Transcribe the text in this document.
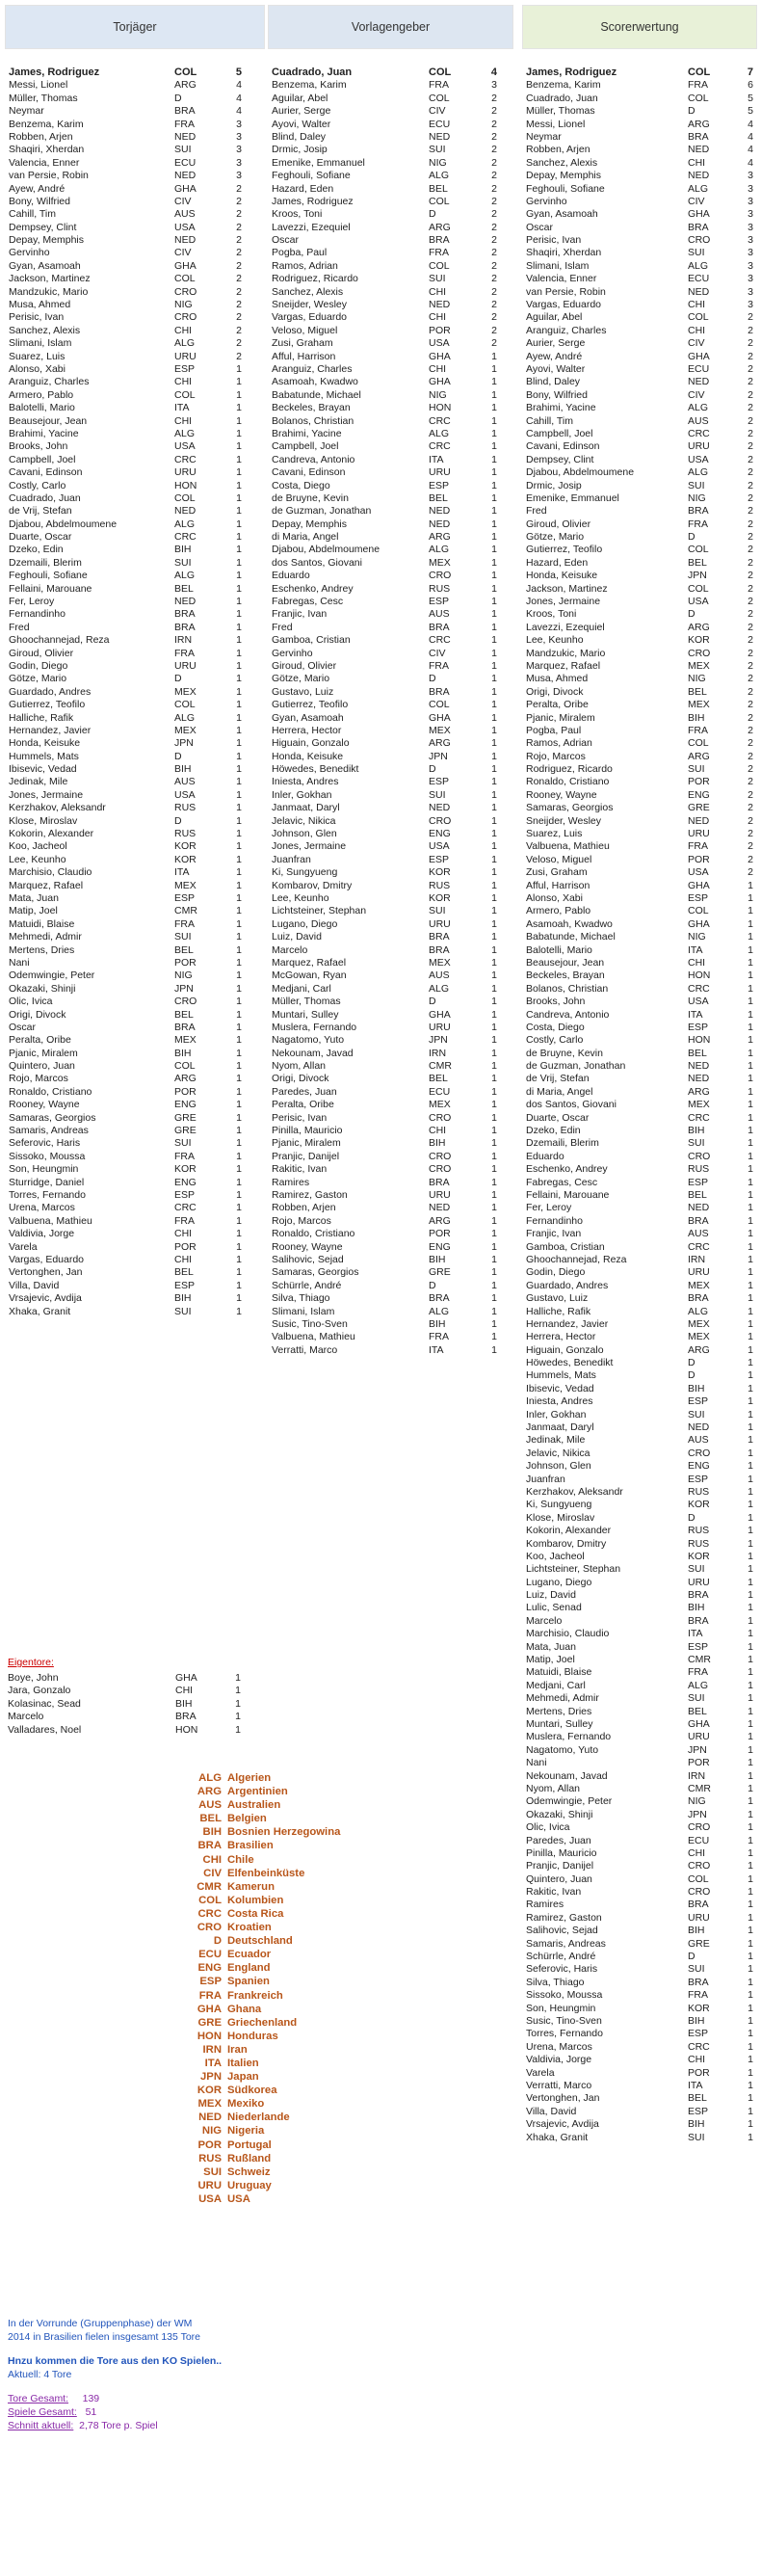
Torjäger
James, Rodriguez	COL	5
Messi, Lionel	ARG	4
Müller, Thomas	D	4
Neymar	BRA	4
Benzema, Karim	FRA	3
Robben, Arjen	NED	3
Shaqiri, Xherdan	SUI	3
Valencia, Enner	ECU	3
van Persie, Robin	NED	3
Ayew, André	GHA	2
Bony, Wilfried	CIV	2
Cahill, Tim	AUS	2
Dempsey, Clint	USA	2
Depay, Memphis	NED	2
Gervinho	CIV	2
Gyan, Asamoah	GHA	2
Jackson, Martinez	COL	2
Mandzukic, Mario	CRO	2
Musa, Ahmed	NIG	2
Perisic, Ivan	CRO	2
Sanchez, Alexis	CHI	2
Slimani, Islam	ALG	2
Suarez, Luis	URU	2
Alonso, Xabi	ESP	1
Aranguiz, Charles	CHI	1
Armero, Pablo	COL	1
Balotelli, Mario	ITA	1
Beausejour, Jean	CHI	1
Brahimi, Yacine	ALG	1
Brooks, John	USA	1
Campbell, Joel	CRC	1
Cavani, Edinson	URU	1
Costly, Carlo	HON	1
Cuadrado, Juan	COL	1
de Vrij, Stefan	NED	1
Djabou, Abdelmoumene	ALG	1
Duarte, Oscar	CRC	1
Dzeko, Edin	BIH	1
Dzemaili, Blerim	SUI	1
Feghouli, Sofiane	ALG	1
Fellaini, Marouane	BEL	1
Fer, Leroy	NED	1
Fernandinho	BRA	1
Fred	BRA	1
Ghoochannejad, Reza	IRN	1
Giroud, Olivier	FRA	1
Godin, Diego	URU	1
Götze, Mario	D	1
Guardado, Andres	MEX	1
Gutierrez, Teofilo	COL	1
Halliche, Rafik	ALG	1
Hernandez, Javier	MEX	1
Honda, Keisuke	JPN	1
Hummels, Mats	D	1
Ibisevic, Vedad	BIH	1
Jedinak, Mile	AUS	1
Jones, Jermaine	USA	1
Kerzhakov, Aleksandr	RUS	1
Klose, Miroslav	D	1
Kokorin, Alexander	RUS	1
Koo, Jacheol	KOR	1
Lee, Keunho	KOR	1
Marchisio, Claudio	ITA	1
Marquez, Rafael	MEX	1
Mata, Juan	ESP	1
Matip, Joel	CMR	1
Matuidi, Blaise	FRA	1
Mehmedi, Admir	SUI	1
Mertens, Dries	BEL	1
Nani	POR	1
Odemwingie, Peter	NIG	1
Okazaki, Shinji	JPN	1
Olic, Ivica	CRO	1
Origi, Divock	BEL	1
Oscar	BRA	1
Peralta, Oribe	MEX	1
Pjanic, Miralem	BIH	1
Quintero, Juan	COL	1
Rojo, Marcos	ARG	1
Ronaldo, Cristiano	POR	1
Rooney, Wayne	ENG	1
Samaras, Georgios	GRE	1
Samaris, Andreas	GRE	1
Seferovic, Haris	SUI	1
Sissoko, Moussa	FRA	1
Son, Heungmin	KOR	1
Sturridge, Daniel	ENG	1
Torres, Fernando	ESP	1
Urena, Marcos	CRC	1
Valbuena, Mathieu	FRA	1
Valdivia, Jorge	CHI	1
Varela	POR	1
Vargas, Eduardo	CHI	1
Vertonghen, Jan	BEL	1
Villa, David	ESP	1
Vrsajevic, Avdija	BIH	1
Xhaka, Granit	SUI	1
Vorlagengeber
Cuadrado, Juan	COL	4
Benzema, Karim	FRA	3
Aguilar, Abel	COL	2
Aurier, Serge	CIV	2
Ayovi, Walter	ECU	2
Blind, Daley	NED	2
Drmic, Josip	SUI	2
Emenike, Emmanuel	NIG	2
Feghouli, Sofiane	ALG	2
Hazard, Eden	BEL	2
James, Rodriguez	COL	2
Kroos, Toni	D	2
Lavezzi, Ezequiel	ARG	2
Oscar	BRA	2
Pogba, Paul	FRA	2
Ramos, Adrian	COL	2
Rodriguez, Ricardo	SUI	2
Sanchez, Alexis	CHI	2
Sneijder, Wesley	NED	2
Vargas, Eduardo	CHI	2
Veloso, Miguel	POR	2
Zusi, Graham	USA	2
Afful, Harrison	GHA	1
Aranguiz, Charles	CHI	1
Asamoah, Kwadwo	GHA	1
Babatunde, Michael	NIG	1
Beckeles, Brayan	HON	1
Bolanos, Christian	CRC	1
Brahimi, Yacine	ALG	1
Campbell, Joel	CRC	1
Candreva, Antonio	ITA	1
Cavani, Edinson	URU	1
Costa, Diego	ESP	1
de Bruyne, Kevin	BEL	1
de Guzman, Jonathan	NED	1
Depay, Memphis	NED	1
di Maria, Angel	ARG	1
Djabou, Abdelmoumene	ALG	1
dos Santos, Giovani	MEX	1
Eduardo	CRO	1
Eschenko, Andrey	RUS	1
Fabregas, Cesc	ESP	1
Franjic, Ivan	AUS	1
Fred	BRA	1
Gamboa, Cristian	CRC	1
Gervinho	CIV	1
Giroud, Olivier	FRA	1
Götze, Mario	D	1
Gustavo, Luiz	BRA	1
Gutierrez, Teofilo	COL	1
Gyan, Asamoah	GHA	1
Herrera, Hector	MEX	1
Higuain, Gonzalo	ARG	1
Honda, Keisuke	JPN	1
Höwedes, Benedikt	D	1
Iniesta, Andres	ESP	1
Inler, Gokhan	SUI	1
Janmaat, Daryl	NED	1
Jelavic, Nikica	CRO	1
Johnson, Glen	ENG	1
Jones, Jermaine	USA	1
Juanfran	ESP	1
Ki, Sungyueng	KOR	1
Kombarov, Dmitry	RUS	1
Lee, Keunho	KOR	1
Lichtsteiner, Stephan	SUI	1
Lugano, Diego	URU	1
Luiz, David	BRA	1
Marcelo	BRA	1
Marquez, Rafael	MEX	1
McGowan, Ryan	AUS	1
Medjani, Carl	ALG	1
Müller, Thomas	D	1
Muntari, Sulley	GHA	1
Muslera, Fernando	URU	1
Nagatomo, Yuto	JPN	1
Nekounam, Javad	IRN	1
Nyom, Allan	CMR	1
Origi, Divock	BEL	1
Paredes, Juan	ECU	1
Peralta, Oribe	MEX	1
Perisic, Ivan	CRO	1
Pinilla, Mauricio	CHI	1
Pjanic, Miralem	BIH	1
Pranjic, Danijel	CRO	1
Rakitic, Ivan	CRO	1
Ramires	BRA	1
Ramirez, Gaston	URU	1
Robben, Arjen	NED	1
Rojo, Marcos	ARG	1
Ronaldo, Cristiano	POR	1
Rooney, Wayne	ENG	1
Salihovic, Sejad	BIH	1
Samaras, Georgios	GRE	1
Schürrle, André	D	1
Silva, Thiago	BRA	1
Slimani, Islam	ALG	1
Susic, Tino-Sven	BIH	1
Valbuena, Mathieu	FRA	1
Verratti, Marco	ITA	1
Scorerwertung
James, Rodriguez	COL	7
Benzema, Karim	FRA	6
Cuadrado, Juan	COL	5
Müller, Thomas	D	5
Messi, Lionel	ARG	4
Neymar	BRA	4
Robben, Arjen	NED	4
Sanchez, Alexis	CHI	4
Depay, Memphis	NED	3
Feghouli, Sofiane	ALG	3
Gervinho	CIV	3
Gyan, Asamoah	GHA	3
Oscar	BRA	3
Perisic, Ivan	CRO	3
Shaqiri, Xherdan	SUI	3
Slimani, Islam	ALG	3
Valencia, Enner	ECU	3
van Persie, Robin	NED	3
Vargas, Eduardo	CHI	3
Aguilar, Abel	COL	2
Aranguiz, Charles	CHI	2
Aurier, Serge	CIV	2
Ayew, André	GHA	2
Ayovi, Walter	ECU	2
Blind, Daley	NED	2
Bony, Wilfried	CIV	2
Brahimi, Yacine	ALG	2
Cahill, Tim	AUS	2
Campbell, Joel	CRC	2
Cavani, Edinson	URU	2
Dempsey, Clint	USA	2
Djabou, Abdelmoumene	ALG	2
Drmic, Josip	SUI	2
Emenike, Emmanuel	NIG	2
Fred	BRA	2
Giroud, Olivier	FRA	2
Götze, Mario	D	2
Gutierrez, Teofilo	COL	2
Hazard, Eden	BEL	2
Honda, Keisuke	JPN	2
Jackson, Martinez	COL	2
Jones, Jermaine	USA	2
Kroos, Toni	D	2
Lavezzi, Ezequiel	ARG	2
Lee, Keunho	KOR	2
Mandzukic, Mario	CRO	2
Marquez, Rafael	MEX	2
Musa, Ahmed	NIG	2
Origi, Divock	BEL	2
Peralta, Oribe	MEX	2
Pjanic, Miralem	BIH	2
Pogba, Paul	FRA	2
Ramos, Adrian	COL	2
Rojo, Marcos	ARG	2
Rodriguez, Ricardo	SUI	2
Ronaldo, Cristiano	POR	2
Rooney, Wayne	ENG	2
Samaras, Georgios	GRE	2
Sneijder, Wesley	NED	2
Suarez, Luis	URU	2
Valbuena, Mathieu	FRA	2
Veloso, Miguel	POR	2
Zusi, Graham	USA	2
Afful, Harrison	GHA	1
Alonso, Xabi	ESP	1
Armero, Pablo	COL	1
Asamoah, Kwadwo	GHA	1
Babatunde, Michael	NIG	1
Balotelli, Mario	ITA	1
Beausejour, Jean	CHI	1
Beckeles, Brayan	HON	1
Bolanos, Christian	CRC	1
Brooks, John	USA	1
Candreva, Antonio	ITA	1
Costa, Diego	ESP	1
Costly, Carlo	HON	1
de Bruyne, Kevin	BEL	1
de Guzman, Jonathan	NED	1
de Vrij, Stefan	NED	1
di Maria, Angel	ARG	1
dos Santos, Giovani	MEX	1
Duarte, Oscar	CRC	1
Dzeko, Edin	BIH	1
Dzemaili, Blerim	SUI	1
Eduardo	CRO	1
Eschenko, Andrey	RUS	1
Fabregas, Cesc	ESP	1
Fellaini, Marouane	BEL	1
Fer, Leroy	NED	1
Fernandinho	BRA	1
Franjic, Ivan	AUS	1
Gamboa, Cristian	CRC	1
Ghoochannejad, Reza	IRN	1
Godin, Diego	URU	1
Guardado, Andres	MEX	1
Gustavo, Luiz	BRA	1
Halliche, Rafik	ALG	1
Hernandez, Javier	MEX	1
Herrera, Hector	MEX	1
Higuain, Gonzalo	ARG	1
Höwedes, Benedikt	D	1
Hummels, Mats	D	1
Ibisevic, Vedad	BIH	1
Iniesta, Andres	ESP	1
Inler, Gokhan	SUI	1
Janmaat, Daryl	NED	1
Jedinak, Mile	AUS	1
Jelavic, Nikica	CRO	1
Johnson, Glen	ENG	1
Juanfran	ESP	1
Kerzhakov, Aleksandr	RUS	1
Ki, Sungyueng	KOR	1
Klose, Miroslav	D	1
Kokorin, Alexander	RUS	1
Kombarov, Dmitry	RUS	1
Koo, Jacheol	KOR	1
Lichtsteiner, Stephan	SUI	1
Lugano, Diego	URU	1
Luiz, David	BRA	1
Lulic, Senad	BIH	1
Marcelo	BRA	1
Marchisio, Claudio	ITA	1
Mata, Juan	ESP	1
Matip, Joel	CMR	1
Matuidi, Blaise	FRA	1
Medjani, Carl	ALG	1
Mehmedi, Admir	SUI	1
Mertens, Dries	BEL	1
Muntari, Sulley	GHA	1
Muslera, Fernando	URU	1
Nagatomo, Yuto	JPN	1
Nani	POR	1
Nekounam, Javad	IRN	1
Nyom, Allan	CMR	1
Odemwingie, Peter	NIG	1
Okazaki, Shinji	JPN	1
Olic, Ivica	CRO	1
Paredes, Juan	ECU	1
Pinilla, Mauricio	CHI	1
Pranjic, Danijel	CRO	1
Quintero, Juan	COL	1
Rakitic, Ivan	CRO	1
Ramires	BRA	1
Ramirez, Gaston	URU	1
Salihovic, Sejad	BIH	1
Samaris, Andreas	GRE	1
Schürrle, André	D	1
Seferovic, Haris	SUI	1
Silva, Thiago	BRA	1
Sissoko, Moussa	FRA	1
Son, Heungmin	KOR	1
Susic, Tino-Sven	BIH	1
Torres, Fernando	ESP	1
Urena, Marcos	CRC	1
Valdivia, Jorge	CHI	1
Varela	POR	1
Verratti, Marco	ITA	1
Vertonghen, Jan	BEL	1
Villa, David	ESP	1
Vrsajevic, Avdija	BIH	1
Xhaka, Granit	SUI	1
Eigentore:
Boye, John	GHA	1
Jara, Gonzalo	CHI	1
Kolasinac, Sead	BIH	1
Marcelo	BRA	1
Valladares, Noel	HON	1
ALG Algerien
ARG Argentinien
AUS Australien
BEL Belgien
BIH Bosnien Herzegowina
BRA Brasilien
CHI Chile
CIV Elfenbeinküste
CMR Kamerun
COL Kolumbien
CRC Costa Rica
CRO Kroatien
D Deutschland
ECU Ecuador
ENG England
ESP Spanien
FRA Frankreich
GHA Ghana
GRE Griechenland
HON Honduras
IRN Iran
ITA Italien
JPN Japan
KOR Südkorea
MEX Mexiko
NED Niederlande
NIG Nigeria
POR Portugal
RUS Rußland
SUI Schweiz
URU Uruguay
USA USA
In der Vorrunde (Gruppenphase) der WM
2014 in Brasilien fielen insgesamt 135 Tore
Hnzu kommen die Tore aus den KO Spielen..
Aktuell: 4 Tore
Tore Gesamt: 139
Spiele Gesamt: 51
Schnitt aktuell: 2,78 Tore p. Spiel
